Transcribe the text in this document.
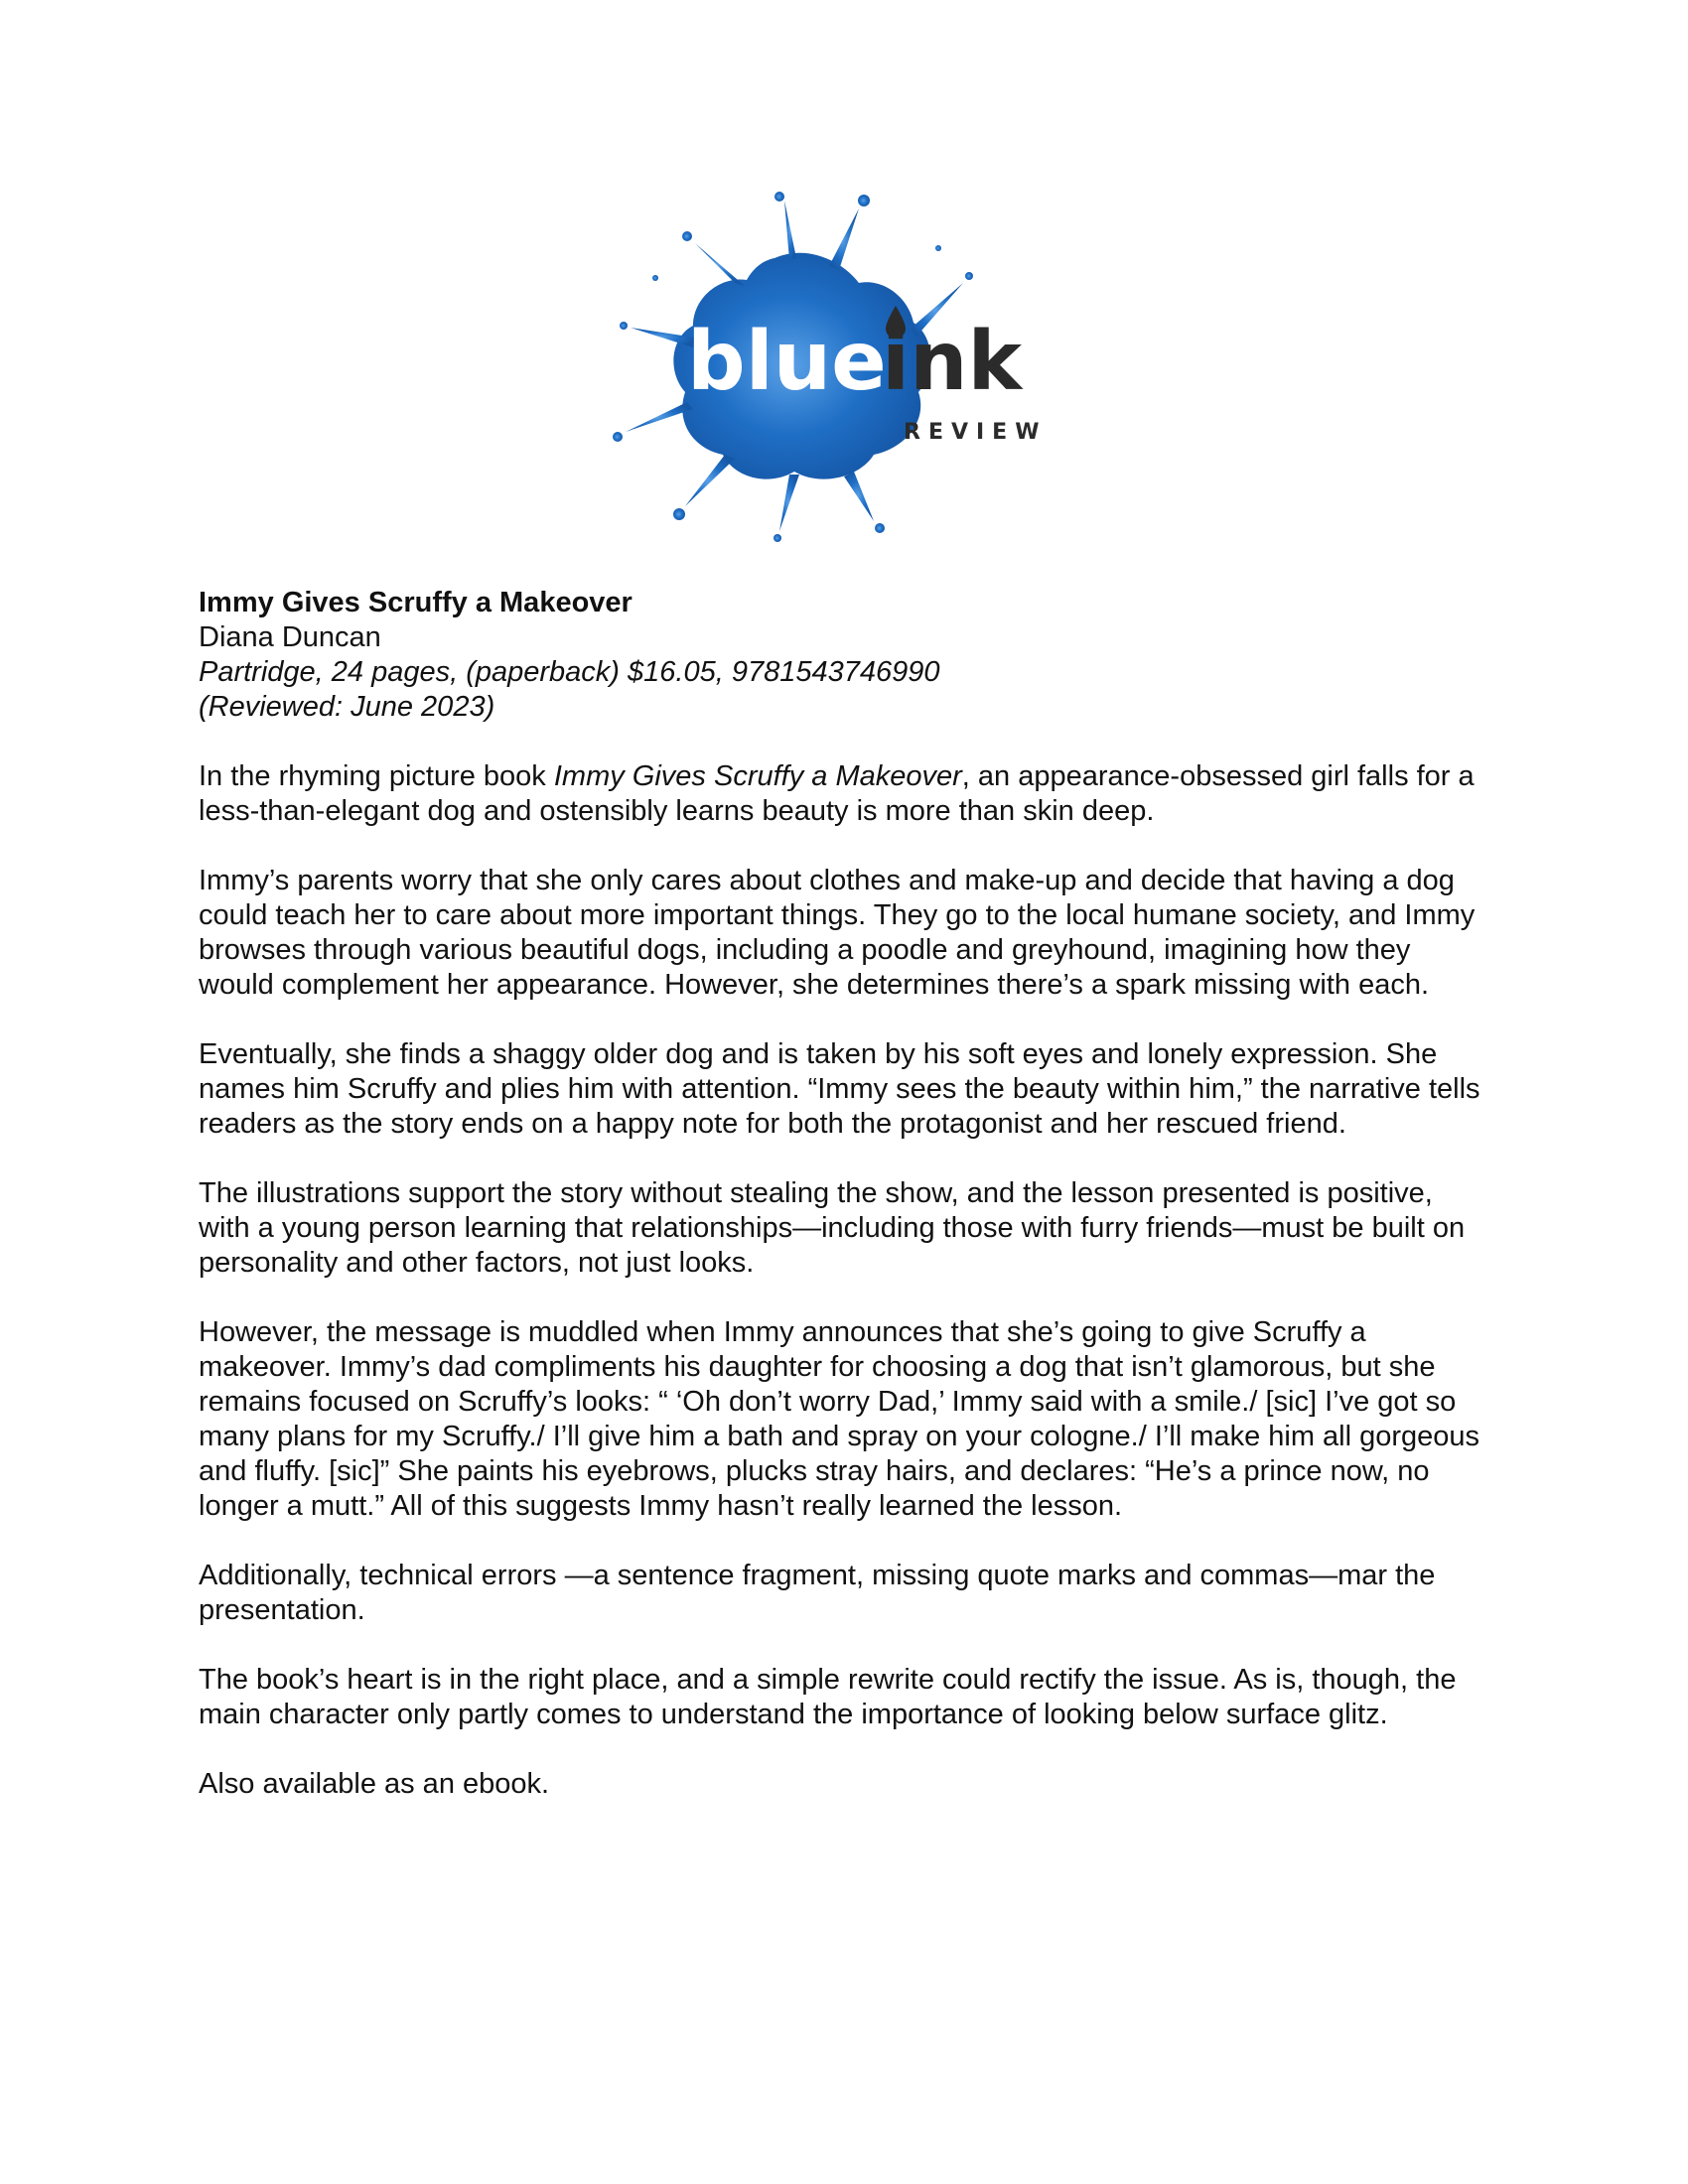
blue
ink
REVIEW

Immy Gives Scruffy a Makeover

Diana Duncan

Partridge, 24 pages, (paperback) $16.05, 9781543746990

(Reviewed: June 2023)

In the rhyming picture book Immy Gives Scruffy a Makeover, an appearance-obsessed girl falls for a less-than-elegant dog and ostensibly learns beauty is more than skin deep.

Immy’s parents worry that she only cares about clothes and make-up and decide that having a dog could teach her to care about more important things. They go to the local humane society, and Immy browses through various beautiful dogs, including a poodle and greyhound, imagining how they would complement her appearance. However, she determines there’s a spark missing with each.

Eventually, she finds a shaggy older dog and is taken by his soft eyes and lonely expression. She names him Scruffy and plies him with attention. “Immy sees the beauty within him,” the narrative tells readers as the story ends on a happy note for both the protagonist and her rescued friend.

The illustrations support the story without stealing the show, and the lesson presented is positive, with a young person learning that relationships—including those with furry friends—must be built on personality and other factors, not just looks.

However, the message is muddled when Immy announces that she’s going to give Scruffy a makeover. Immy’s dad compliments his daughter for choosing a dog that isn’t glamorous, but she remains focused on Scruffy’s looks: “ ‘Oh don’t worry Dad,’ Immy said with a smile./ [sic] I’ve got so many plans for my Scruffy./ I’ll give him a bath and spray on your cologne./ I’ll make him all gorgeous and fluffy. [sic]” She paints his eyebrows, plucks stray hairs, and declares: “He’s a prince now, no longer a mutt.” All of this suggests Immy hasn’t really learned the lesson.

Additionally, technical errors —a sentence fragment, missing quote marks and commas—mar the presentation.

The book’s heart is in the right place, and a simple rewrite could rectify the issue. As is, though, the main character only partly comes to understand the importance of looking below surface glitz.

Also available as an ebook.
